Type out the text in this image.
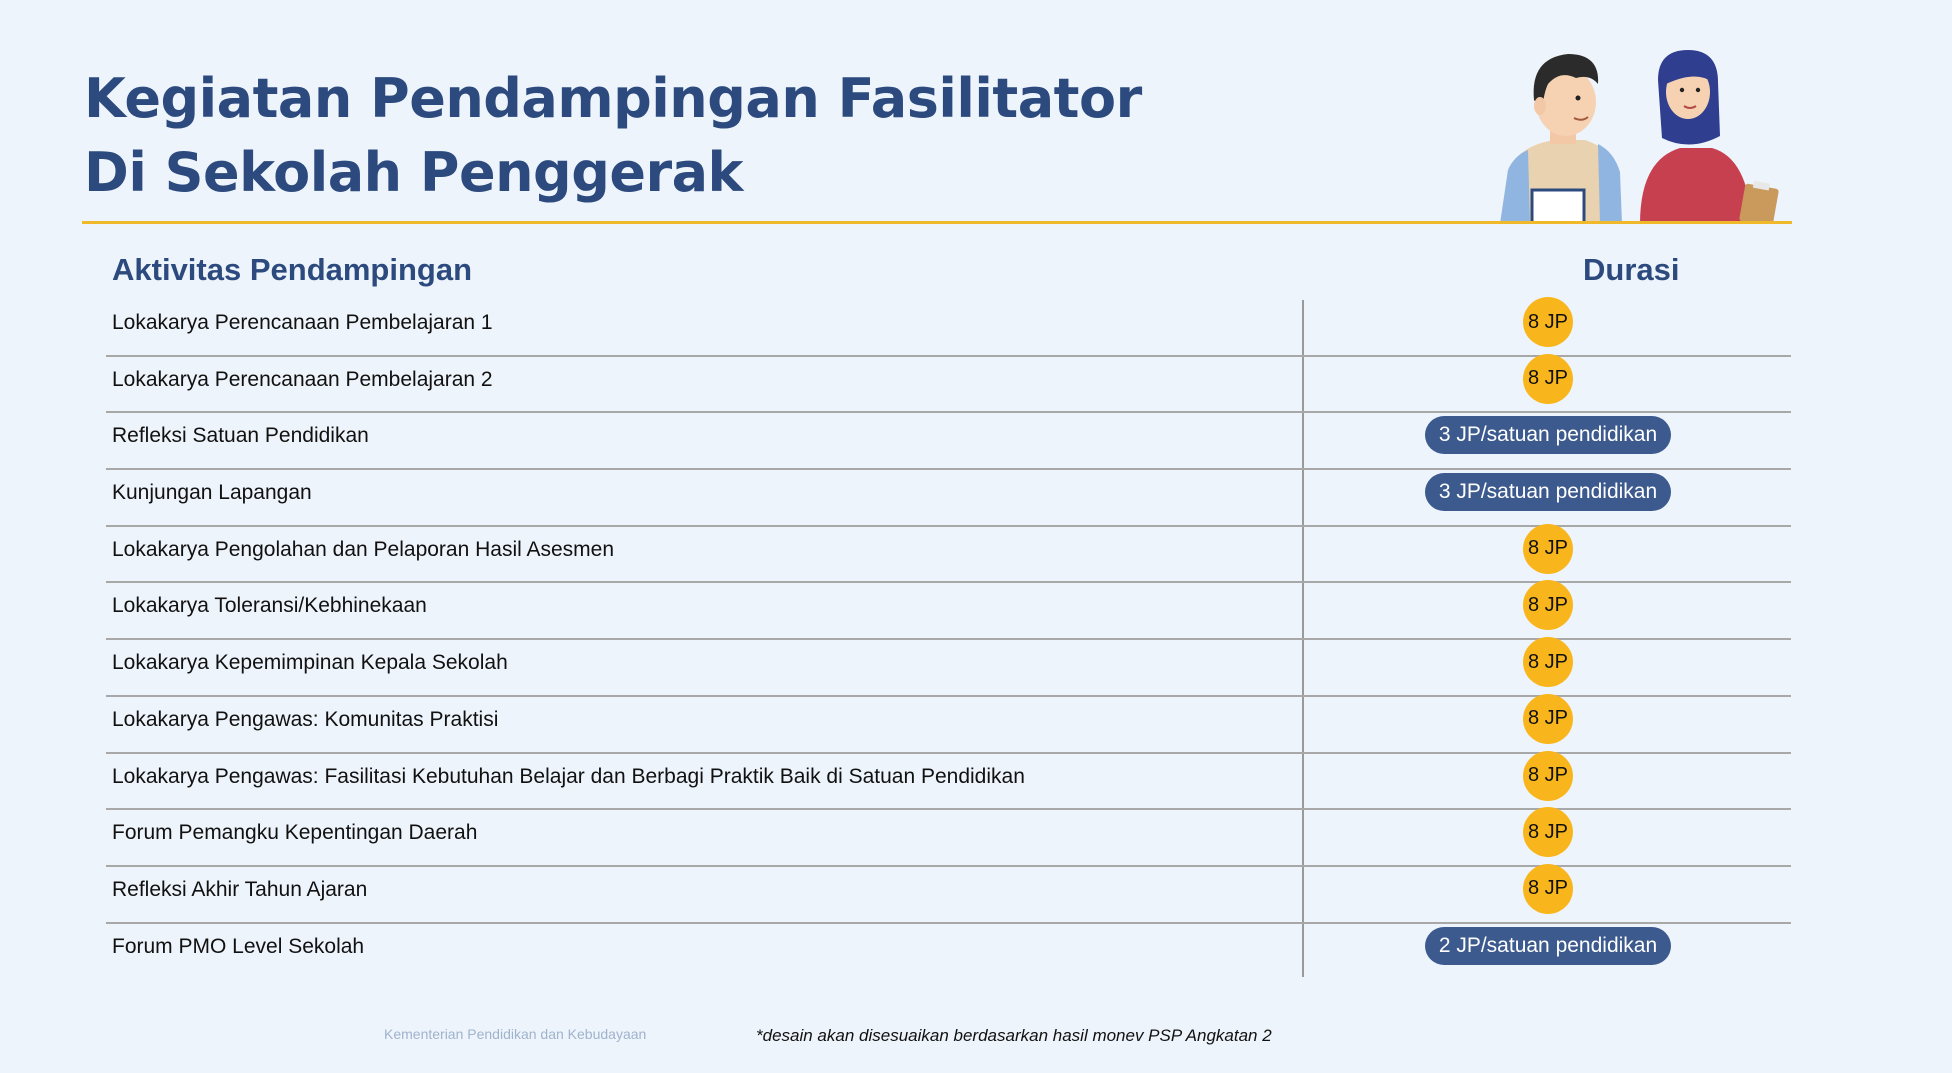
Kegiatan Pendampingan Fasilitator
Di Sekolah Penggerak
Aktivitas Pendampingan	Durasi
Lokakarya Perencanaan Pembelajaran 1	8 JP
Lokakarya Perencanaan Pembelajaran 2	8 JP
Refleksi Satuan Pendidikan	3 JP/satuan pendidikan
Kunjungan Lapangan	3 JP/satuan pendidikan
Lokakarya Pengolahan dan Pelaporan Hasil Asesmen	8 JP
Lokakarya Toleransi/Kebhinekaan	8 JP
Lokakarya Kepemimpinan Kepala Sekolah	8 JP
Lokakarya Pengawas: Komunitas Praktisi	8 JP
Lokakarya Pengawas: Fasilitasi Kebutuhan Belajar dan Berbagi Praktik Baik di Satuan Pendidikan	8 JP
Forum Pemangku Kepentingan Daerah	8 JP
Refleksi Akhir Tahun Ajaran	8 JP
Forum PMO Level Sekolah	2 JP/satuan pendidikan
Kementerian Pendidikan dan Kebudayaan	*desain akan disesuaikan berdasarkan hasil monev PSP Angkatan 2
